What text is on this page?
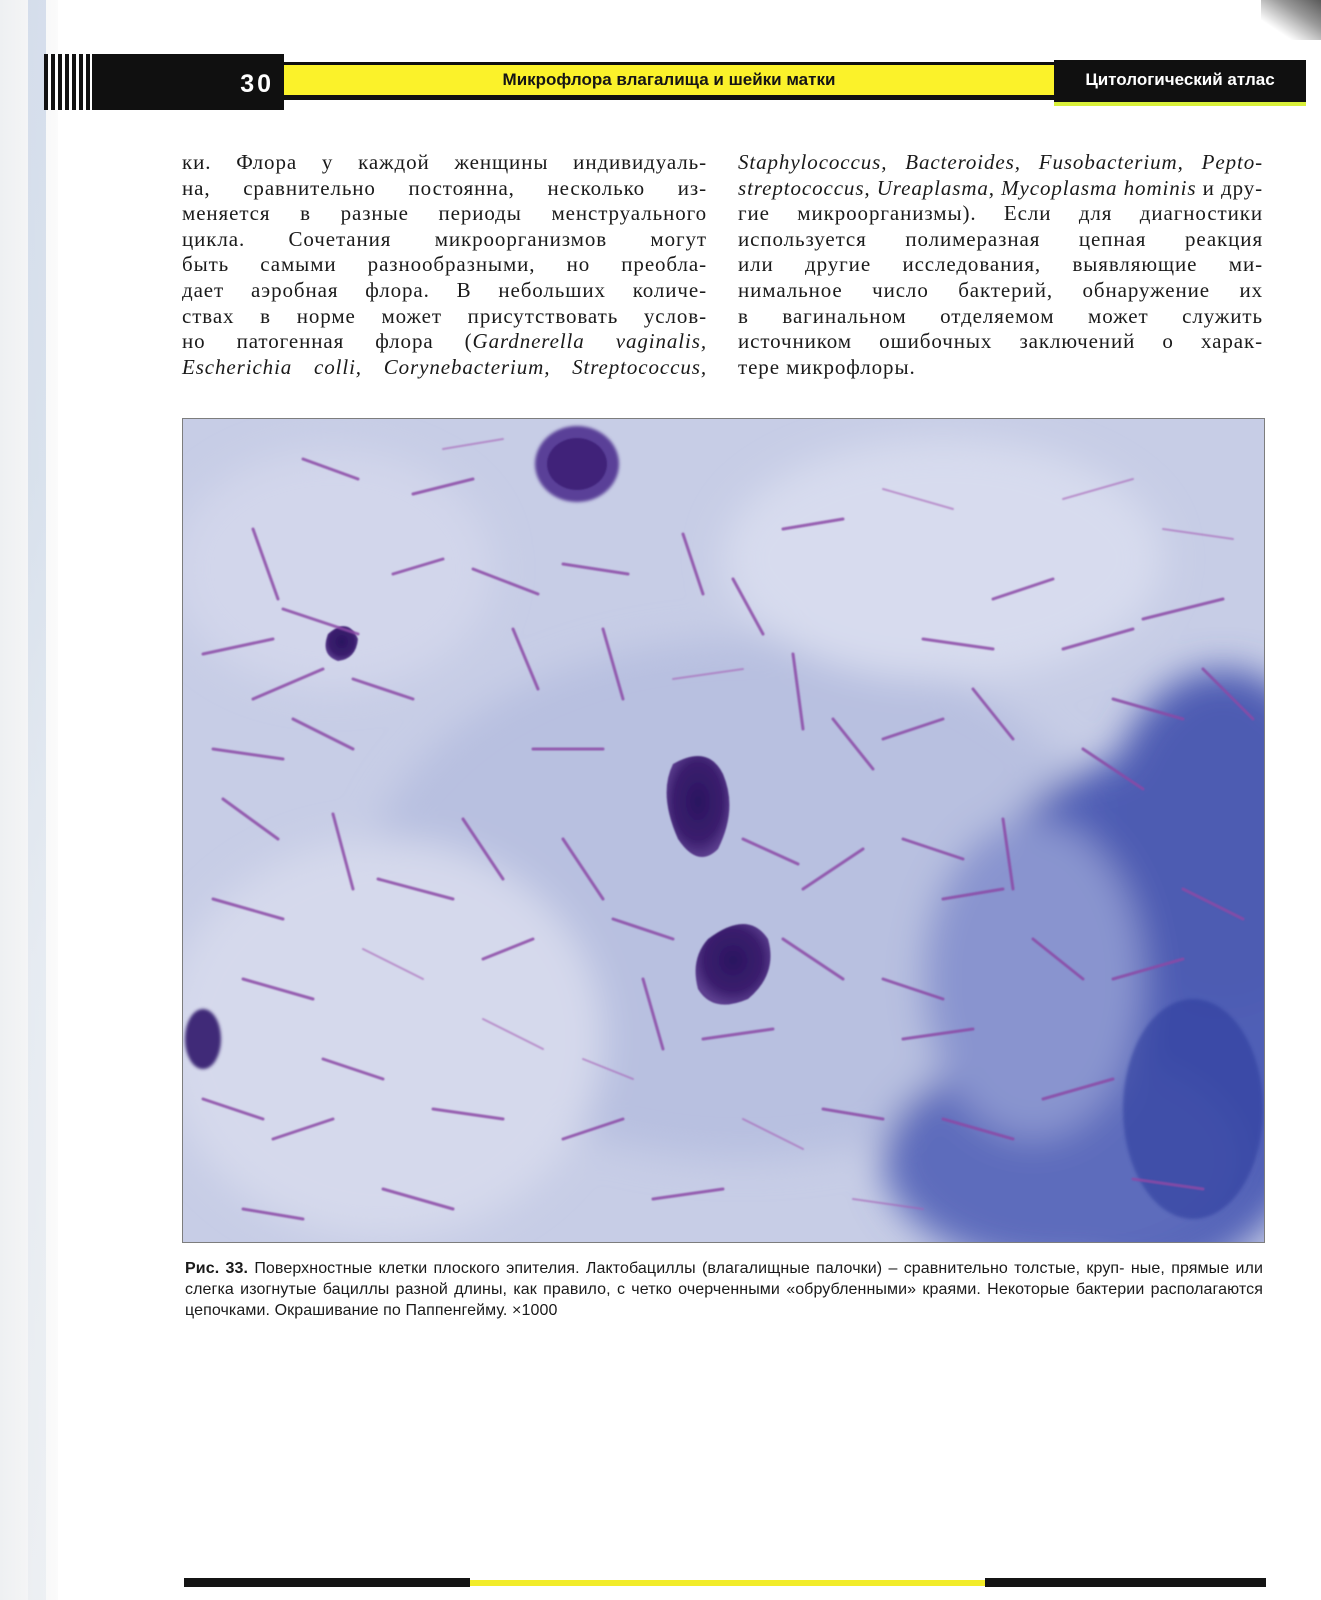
30	Микрофлора влагалища и шейки матки	Цитологический атлас
ки. Флора у каждой женщины индивидуаль-
на, сравнительно постоянна, несколько из-
меняется в разные периоды менструального
цикла. Сочетания микроорганизмов могут
быть самыми разнообразными, но преобла-
дает аэробная флора. В небольших количе-
ствах в норме может присутствовать услов-
но патогенная флора (Gardnerella vaginalis,
Escherichia colli, Corynebacterium, Streptococcus,
Staphylococcus, Bacteroides, Fusobacterium, Pepto-
streptococcus, Ureaplasma, Mycoplasma hominis и дру-
гие микроорганизмы). Если для диагностики
используется полимеразная цепная реакция
или другие исследования, выявляющие ми-
нимальное число бактерий, обнаружение их
в вагинальном отделяемом может служить
источником ошибочных заключений о харак-
тере микрофлоры.
Рис. 33. Поверхностные клетки плоского эпителия. Лактобациллы (влагалищные палочки) – сравнительно толстые, круп- ные, прямые или слегка изогнутые бациллы разной длины, как правило, с четко очерченными «обрубленными» краями. Некоторые бактерии располагаются цепочками. Окрашивание по Паппенгейму. ×1000
